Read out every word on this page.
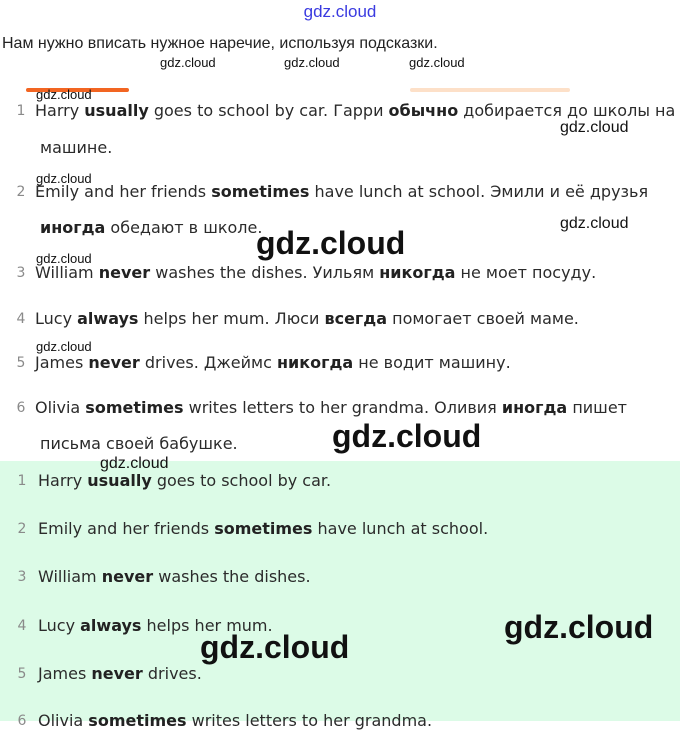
gdz.cloud
Нам нужно вписать нужное наречие, используя подсказки.
gdz.cloud	gdz.cloud	gdz.cloud
gdz.cloud
1 Harry usually goes to school by car. Гарри обычно добирается до школы на
gdz.cloud
машине.
gdz.cloud
2 Emily and her friends sometimes have lunch at school. Эмили и её друзья
gdz.cloud
иногда обедают в школе.
gdz.cloud
gdz.cloud
3 William never washes the dishes. Уильям никогда не моет посуду.
4 Lucy always helps her mum. Люси всегда помогает своей маме.
gdz.cloud
5 James never drives. Джеймс никогда не водит машину.
6 Olivia sometimes writes letters to her grandma. Оливия иногда пишет
gdz.cloud
письма своей бабушке.
1 Harry usually goes to school by car.
2 Emily and her friends sometimes have lunch at school.
3 William never washes the dishes.
4 Lucy always helps her mum.
5 James never drives.
6 Olivia sometimes writes letters to her grandma.
gdz.cloud
gdz.cloud
gdz.cloud
